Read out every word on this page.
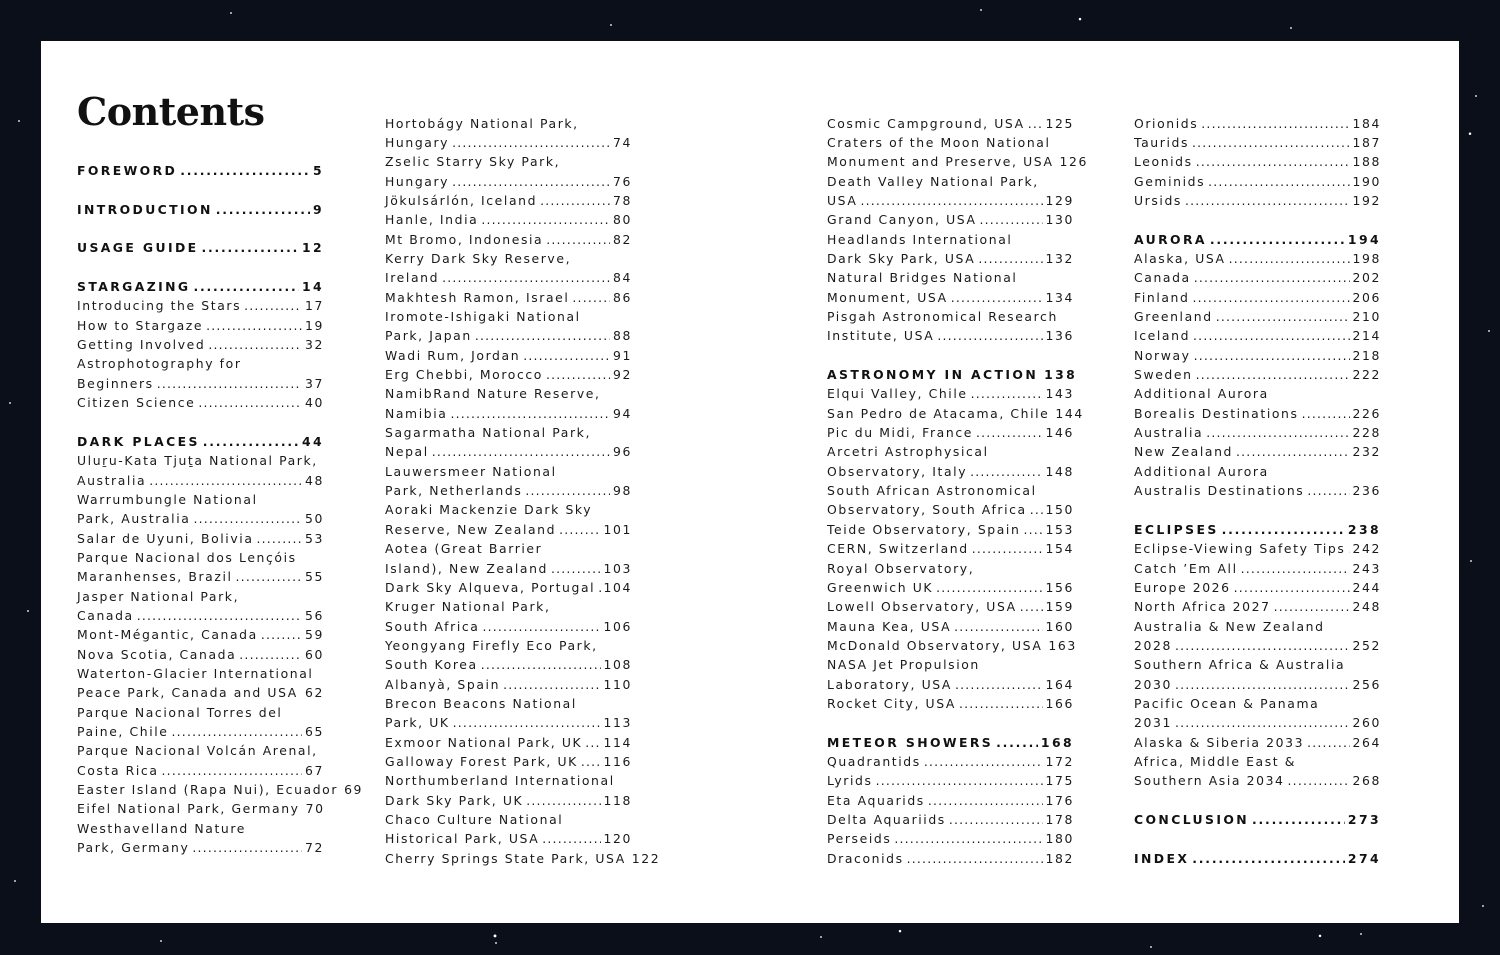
Contents
FOREWORD .....	5
INTRODUCTION .....	9
USAGE GUIDE .....	12
STARGAZING .....	14
Introducing the Stars .....	17
How to Stargaze .....	19
Getting Involved .....	32
Astrophotography for
Beginners .....	37
Citizen Science .....	40
DARK PLACES .....	44
Uluṟu-Kata Tjuṯa National Park,
Australia .....	48
Warrumbungle National
Park, Australia .....	50
Salar de Uyuni, Bolivia .....	53
Parque Nacional dos Lençóis
Maranhenses, Brazil .....	55
Jasper National Park,
Canada .....	56
Mont-Mégantic, Canada .....	59
Nova Scotia, Canada .....	60
Waterton-Glacier International
Peace Park, Canada and USA ..... 62
Parque Nacional Torres del
Paine, Chile .....	65
Parque Nacional Volcán Arenal,
Costa Rica .....	67
Easter Island (Rapa Nui), Ecuador 69
Eifel National Park, Germany 70
Westhavelland Nature
Park, Germany .....	72
Hortobágy National Park,
Hungary .....	74
Zselic Starry Sky Park,
Hungary .....	76
Jökulsárlón, Iceland .....	78
Hanle, India .....	80
Mt Bromo, Indonesia .....	82
Kerry Dark Sky Reserve,
Ireland .....	84
Makhtesh Ramon, Israel .....	86
Iromote-Ishigaki National
Park, Japan .....	88
Wadi Rum, Jordan .....	91
Erg Chebbi, Morocco .....	92
NamibRand Nature Reserve,
Namibia .....	94
Sagarmatha National Park,
Nepal .....	96
Lauwersmeer National
Park, Netherlands .....	98
Aoraki Mackenzie Dark Sky
Reserve, New Zealand .....	101
Aotea (Great Barrier
Island), New Zealand .....	103
Dark Sky Alqueva, Portugal ..... 104
Kruger National Park,
South Africa .....	106
Yeongyang Firefly Eco Park,
South Korea .....	108
Albanyà, Spain .....	110
Brecon Beacons National
Park, UK .....	113
Exmoor National Park, UK ..... 114
Galloway Forest Park, UK ..... 116
Northumberland International
Dark Sky Park, UK .....	118
Chaco Culture National
Historical Park, USA .....	120
Cherry Springs State Park, USA 122
Cosmic Campground, USA ..... 125
Craters of the Moon National
Monument and Preserve, USA 126
Death Valley National Park,
USA .....	129
Grand Canyon, USA .....	130
Headlands International
Dark Sky Park, USA .....	132
Natural Bridges National
Monument, USA .....	134
Pisgah Astronomical Research
Institute, USA .....	136
ASTRONOMY IN ACTION 138
Elqui Valley, Chile .....	143
San Pedro de Atacama, Chile 144
Pic du Midi, France .....	146
Arcetri Astrophysical
Observatory, Italy .....	148
South African Astronomical
Observatory, South Africa ..... 150
Teide Observatory, Spain ..... 153
CERN, Switzerland .....	154
Royal Observatory,
Greenwich UK .....	156
Lowell Observatory, USA ..... 159
Mauna Kea, USA .....	160
McDonald Observatory, USA 163
NASA Jet Propulsion
Laboratory, USA .....	164
Rocket City, USA .....	166
METEOR SHOWERS .....	168
Quadrantids .....	172
Lyrids .....	175
Eta Aquarids .....	176
Delta Aquariids .....	178
Perseids .....	180
Draconids .....	182
Orionids .....	184
Taurids .....	187
Leonids .....	188
Geminids .....	190
Ursids .....	192
AURORA .....	194
Alaska, USA .....	198
Canada .....	202
Finland .....	206
Greenland .....	210
Iceland .....	214
Norway .....	218
Sweden .....	222
Additional Aurora
Borealis Destinations .....	226
Australia .....	228
New Zealand .....	232
Additional Aurora
Australis Destinations .....	236
ECLIPSES .....	238
Eclipse-Viewing Safety Tips ..... 242
Catch ’Em All .....	243
Europe 2026 .....	244
North Africa 2027 .....	248
Australia & New Zealand
2028 .....	252
Southern Africa & Australia
2030 .....	256
Pacific Ocean & Panama
2031 .....	260
Alaska & Siberia 2033 .....	264
Africa, Middle East &
Southern Asia 2034 .....	268
CONCLUSION .....	273
INDEX .....	274
